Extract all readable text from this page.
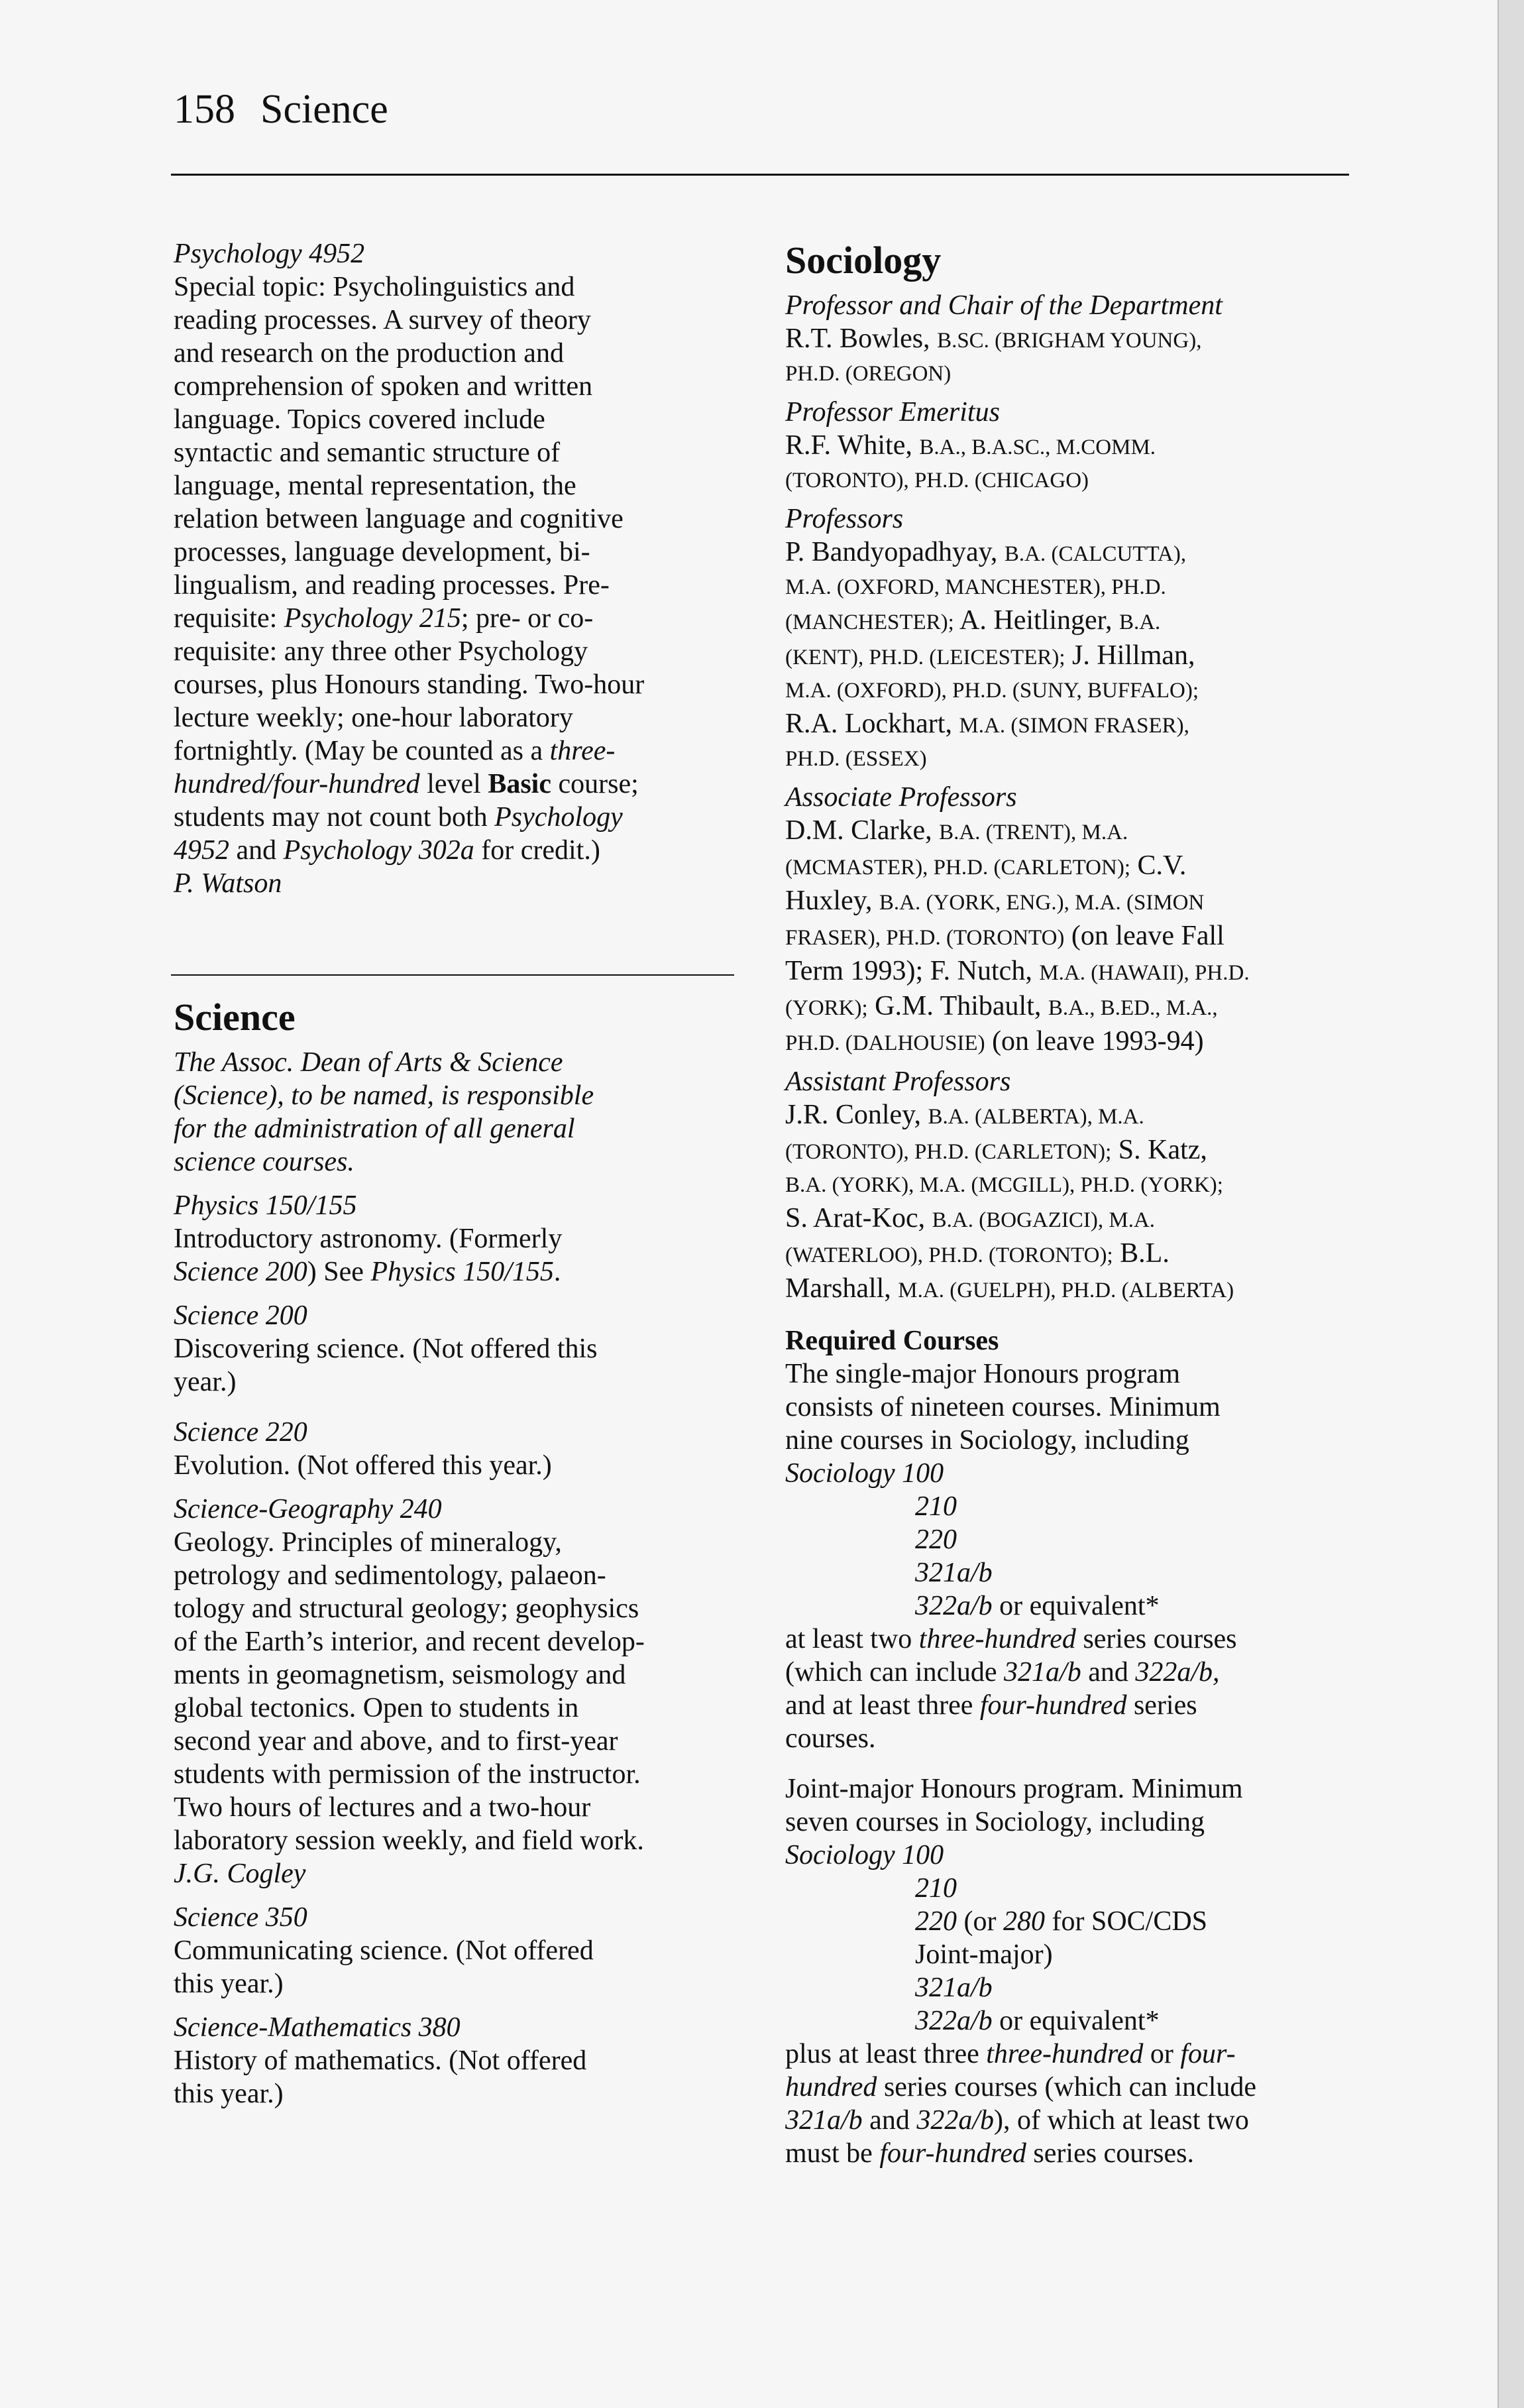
158 Science

Psychology 4952

Special topic: Psycholinguistics and

reading processes. A survey of theory

and research on the production and

comprehension of spoken and written

language. Topics covered include

syntactic and semantic structure of

language, mental representation, the

relation between language and cognitive

processes, language development, bi-

lingualism, and reading processes. Pre-

requisite: Psychology 215; pre- or co-

requisite: any three other Psychology

courses, plus Honours standing. Two-hour

lecture weekly; one-hour laboratory

fortnightly. (May be counted as a three-

hundred/four-hundred level Basic course;

students may not count both Psychology

4952 and Psychology 302a for credit.)

P. Watson

Science

The Assoc. Dean of Arts & Science

(Science), to be named, is responsible

for the administration of all general

science courses.

Physics 150/155

Introductory astronomy. (Formerly

Science 200) See Physics 150/155.

Science 200

Discovering science. (Not offered this

year.)

Science 220

Evolution. (Not offered this year.)

Science-Geography 240

Geology. Principles of mineralogy,

petrology and sedimentology, palaeon-

tology and structural geology; geophysics

of the Earth’s interior, and recent develop-

ments in geomagnetism, seismology and

global tectonics. Open to students in

second year and above, and to first-year

students with permission of the instructor.

Two hours of lectures and a two-hour

laboratory session weekly, and field work.

J.G. Cogley

Science 350

Communicating science. (Not offered

this year.)

Science-Mathematics 380

History of mathematics. (Not offered

this year.)

Sociology

Professor and Chair of the Department

R.T. Bowles, B.SC. (BRIGHAM YOUNG),

PH.D. (OREGON)

Professor Emeritus

R.F. White, B.A., B.A.SC., M.COMM.

(TORONTO), PH.D. (CHICAGO)

Professors

P. Bandyopadhyay, B.A. (CALCUTTA),

M.A. (OXFORD, MANCHESTER), PH.D.

(MANCHESTER); A. Heitlinger, B.A.

(KENT), PH.D. (LEICESTER); J. Hillman,

M.A. (OXFORD), PH.D. (SUNY, BUFFALO);

R.A. Lockhart, M.A. (SIMON FRASER),

PH.D. (ESSEX)

Associate Professors

D.M. Clarke, B.A. (TRENT), M.A.

(MCMASTER), PH.D. (CARLETON); C.V.

Huxley, B.A. (YORK, ENG.), M.A. (SIMON

FRASER), PH.D. (TORONTO) (on leave Fall

Term 1993); F. Nutch, M.A. (HAWAII), PH.D.

(YORK); G.M. Thibault, B.A., B.ED., M.A.,

PH.D. (DALHOUSIE) (on leave 1993-94)

Assistant Professors

J.R. Conley, B.A. (ALBERTA), M.A.

(TORONTO), PH.D. (CARLETON); S. Katz,

B.A. (YORK), M.A. (MCGILL), PH.D. (YORK);

S. Arat-Koc, B.A. (BOGAZICI), M.A.

(WATERLOO), PH.D. (TORONTO); B.L.

Marshall, M.A. (GUELPH), PH.D. (ALBERTA)

Required Courses

The single-major Honours program

consists of nineteen courses. Minimum

nine courses in Sociology, including

Sociology 100

210

220

321a/b

322a/b or equivalent*

at least two three-hundred series courses

(which can include 321a/b and 322a/b,

and at least three four-hundred series

courses.

Joint-major Honours program. Minimum

seven courses in Sociology, including

Sociology 100

210

220 (or 280 for SOC/CDS

Joint-major)

321a/b

322a/b or equivalent*

plus at least three three-hundred or four-

hundred series courses (which can include

321a/b and 322a/b), of which at least two

must be four-hundred series courses.
